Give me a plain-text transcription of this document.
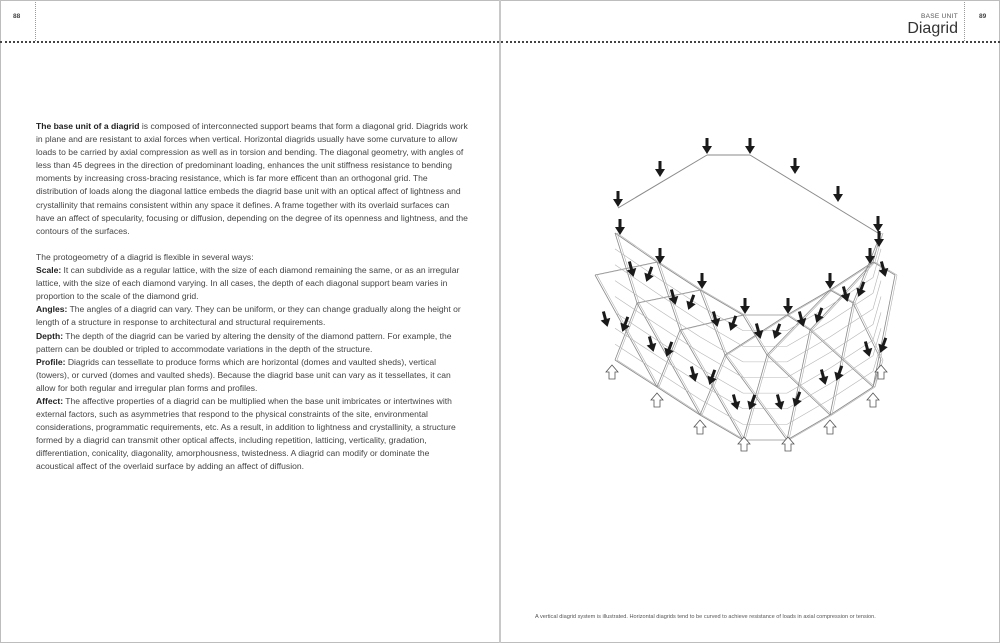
88	89
BASE UNIT
Diagrid

The base unit of a diagrid is composed of interconnected support beams that form a diagonal grid. Diagrids work in plane and are resistant to axial forces when vertical. Horizontal diagrids usually have some curvature to allow loads to be carried by axial compression as well as in torsion and bending. The diagonal geometry, with angles of less than 45 degrees in the direction of predominant loading, enhances the unit stiffness resistance to bending moments by increasing cross-bracing resistance, which is far more efficent than an orthogonal grid. The distribution of loads along the diagonal lattice embeds the diagrid base unit with an optical affect of lightness and crystallinity that remains consistent within any space it defines. A frame together with its overlaid surfaces can have an affect of specularity, focusing or diffusion, depending on the degree of its openness and lightness, and the contours of the surfaces.

The protogeometry of a diagrid is flexible in several ways:

Scale: It can subdivide as a regular lattice, with the size of each diamond remaining the same, or as an irregular lattice, with the size of each diamond varying. In all cases, the depth of each diagonal support beam varies in proportion to the scale of the diamond grid.

Angles: The angles of a diagrid can vary. They can be uniform, or they can change gradually along the height or length of a structure in response to architectural and structural requirements.

Depth: The depth of the diagrid can be varied by altering the density of the diamond pattern. For example, the pattern can be doubled or tripled to accommodate variations in the depth of the structure.

Profile: Diagrids can tessellate to produce forms which are horizontal (domes and vaulted sheds), vertical (towers), or curved (domes and vaulted sheds). Because the diagrid base unit can vary as it tessellates, it can allow for both regular and irregular plan forms and profiles.

Affect: The affective properties of a diagrid can be multiplied when the base unit imbricates or intertwines with external factors, such as asymmetries that respond to the physical constraints of the site, environmental considerations, programmatic requirements, etc. As a result, in addition to lightness and crystallinity, a structure formed by a diagrid can transmit other optical affects, including repetition, latticing, verticality, gradation, differentiation, conicality, diagonality, amorphousness, twistedness. A diagrid can modify or dominate the acoustical affect of the overlaid surface by adding an affect of diffusion.

A vertical diagrid system is illustrated. Horizontal diagrids tend to be curved to achieve resistance of loads in axial compression or tension.
